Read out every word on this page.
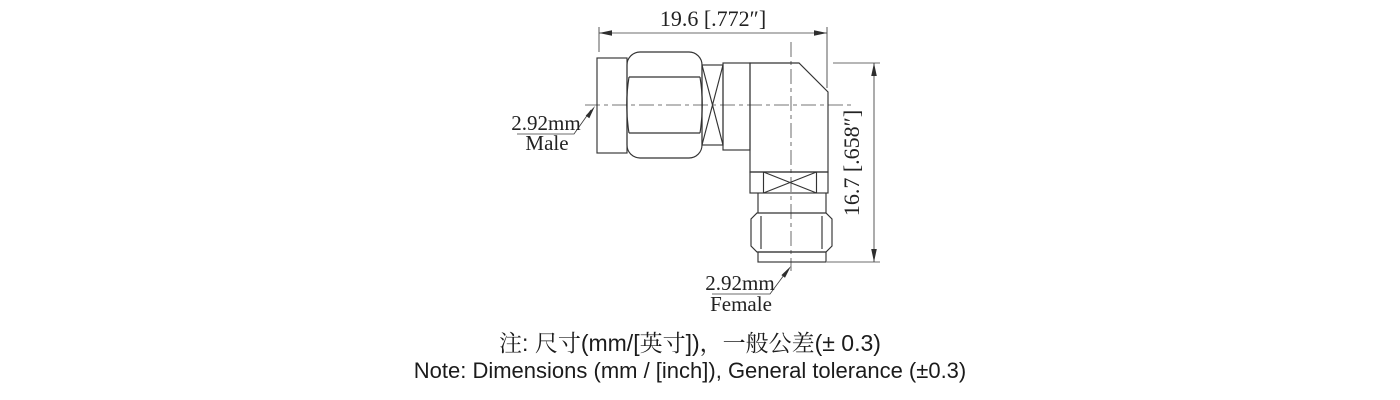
19.6 [.772″]
16.7 [.658″]
2.92mm
Male
2.92mm
Female
注: 尺寸(mm/[英寸])，一般公差(± 0.3)
Note: Dimensions (mm / [inch]), General tolerance (±0.3)
